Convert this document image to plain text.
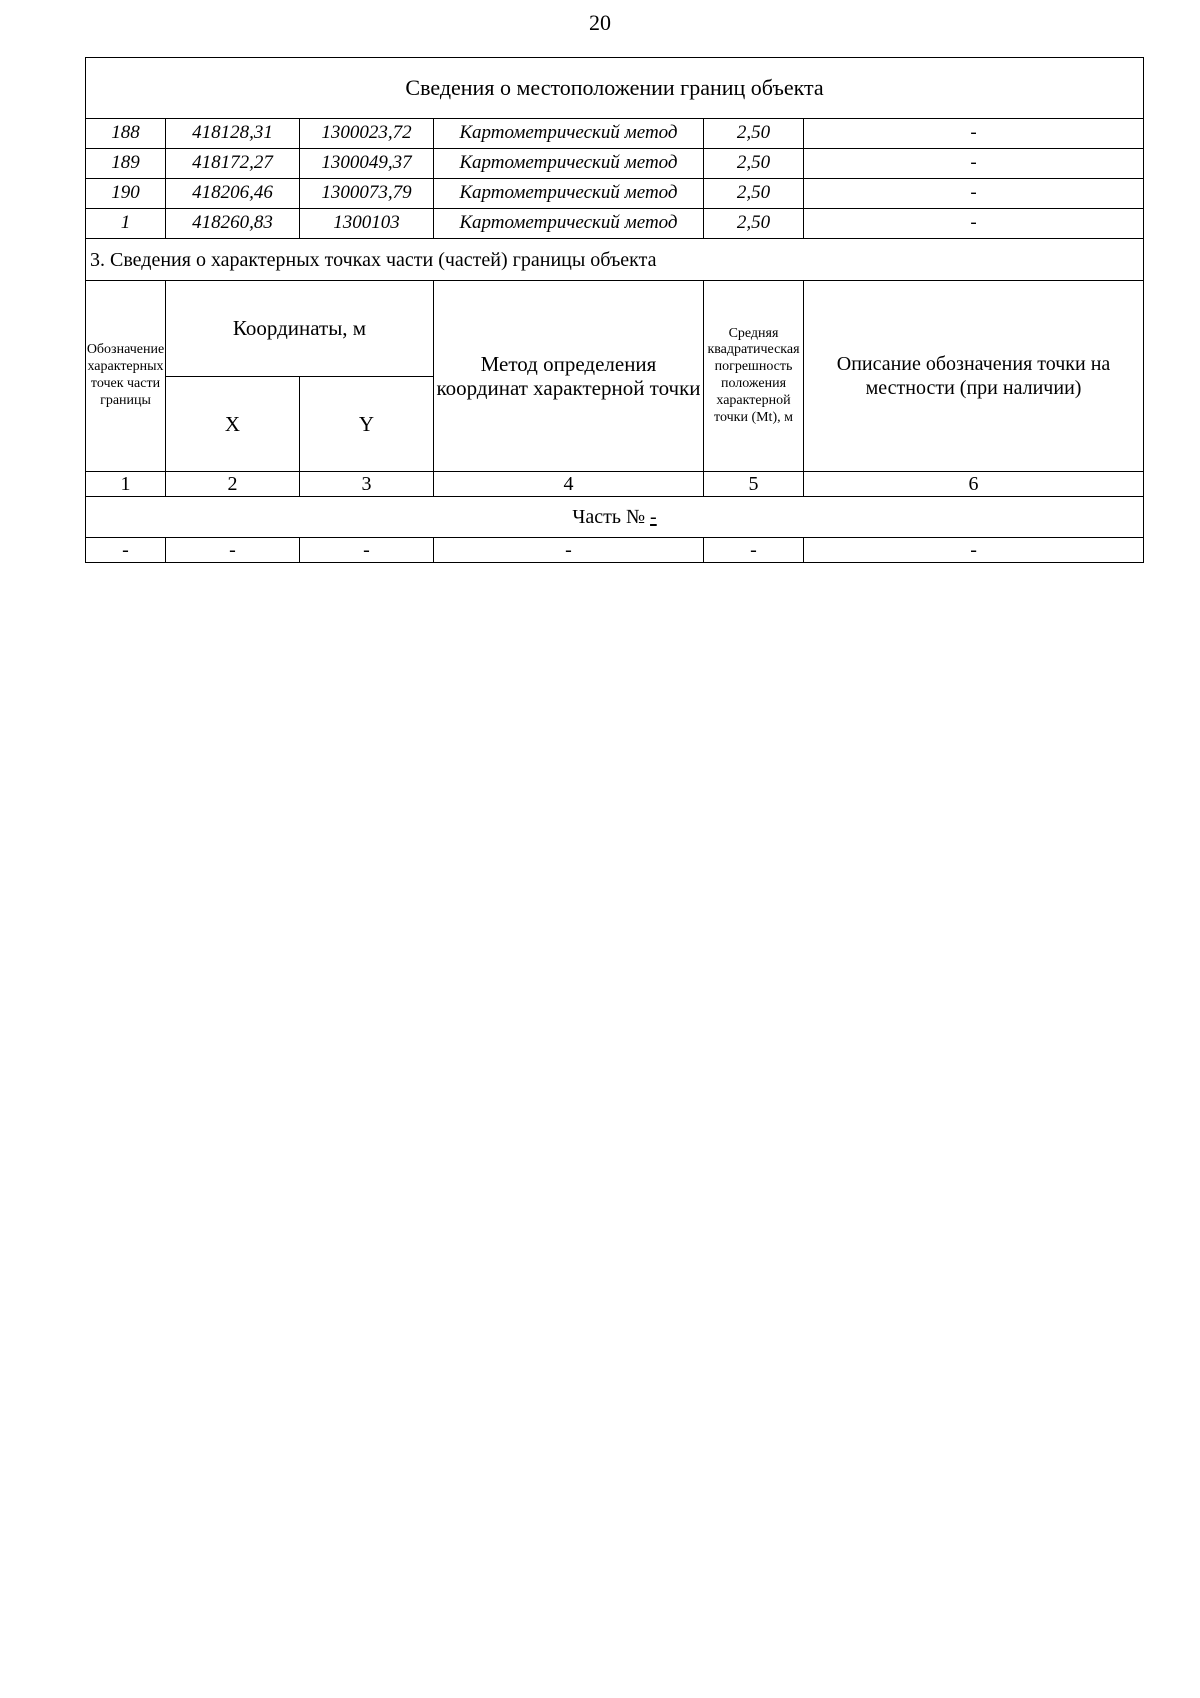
20
Сведения о местоположении границ объекта					
188	418128,31	1300023,72	Картометрический метод	2,50	-
189	418172,27	1300049,37	Картометрический метод	2,50	-
190	418206,46	1300073,79	Картометрический метод	2,50	-
1	418260,83	1300103	Картометрический метод	2,50	-
3. Сведения о характерных точках части (частей) границы объекта					
Обозначение характерных точек части границы	Координаты, м		Метод определения координат характерной точки	Средняя квадратическая погрешность положения характерной точки (Mt), м	Описание обозначения точки на местности (при наличии)
	X	Y			
1	2	3	4	5	6
Часть № -					
-	-	-	-	-	-
